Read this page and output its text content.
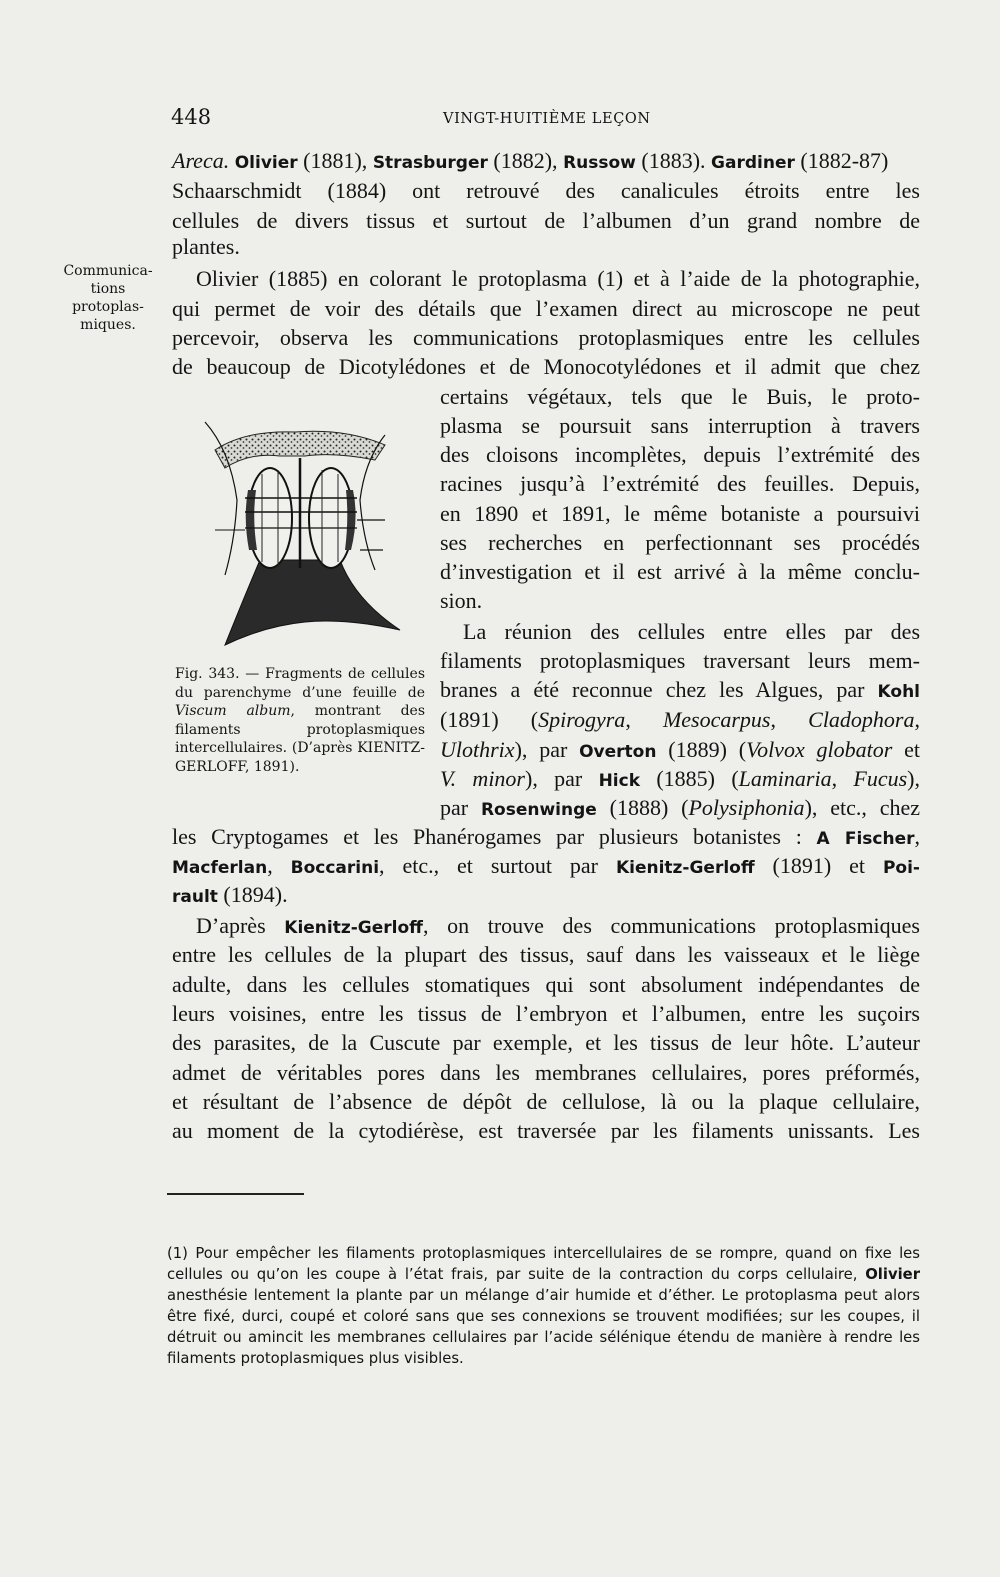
448	VINGT-HUITIÈME LEÇON
Communica-
tions
protoplas-
miques.
Areca. Olivier (1881), Strasburger (1882), Russow (1883). Gardiner (1882-87)
Schaarschmidt (1884) ont retrouvé des canalicules étroits entre les
cellules de divers tissus et surtout de l’albumen d’un grand nombre de
plantes.
Olivier (1885) en colorant le protoplasma (1) et à l’aide de la photographie,
qui permet de voir des détails que l’examen direct au microscope ne peut
percevoir, observa les communications protoplasmiques entre les cellules
de beaucoup de Dicotylédones et de Monocotylédones et il admit que chez
certains végétaux, tels que le Buis, le proto-
plasma se poursuit sans interruption à travers
des cloisons incomplètes, depuis l’extrémité des
racines jusqu’à l’extrémité des feuilles. Depuis,
en 1890 et 1891, le même botaniste a poursuivi
ses recherches en perfectionnant ses procédés
d’investigation et il est arrivé à la même conclu-
sion.
La réunion des cellules entre elles par des
filaments protoplasmiques traversant leurs mem-
branes a été reconnue chez les Algues, par Kohl
(1891) (Spirogyra, Mesocarpus, Cladophora,
Ulothrix), par Overton (1889) (Volvox globator et
V. minor), par Hick (1885) (Laminaria, Fucus),
par Rosenwinge (1888) (Polysiphonia), etc., chez
les Cryptogames et les Phanérogames par plusieurs botanistes : A Fischer,
Macferlan, Boccarini, etc., et surtout par Kienitz-Gerloff (1891) et Poi-
rault (1894).
D’après Kienitz-Gerloff, on trouve des communications protoplasmiques
entre les cellules de la plupart des tissus, sauf dans les vaisseaux et le liège
adulte, dans les cellules stomatiques qui sont absolument indépendantes de
leurs voisines, entre les tissus de l’embryon et l’albumen, entre les suçoirs
des parasites, de la Cuscute par exemple, et les tissus de leur hôte. L’auteur
admet de véritables pores dans les membranes cellulaires, pores préformés,
et résultant de l’absence de dépôt de cellulose, là ou la plaque cellulaire,
au moment de la cytodiérèse, est traversée par les filaments unissants. Les
Fig. 343. — Fragments de cellules du parenchyme d’une feuille de Viscum album, montrant des filaments protoplasmiques intercellulaires. (D’après KIENITZ-GERLOFF, 1891).
(1) Pour empêcher les filaments protoplasmiques intercellulaires de se rompre, quand on fixe les cellules ou qu’on les coupe à l’état frais, par suite de la contraction du corps cellulaire, Olivier anesthésie lentement la plante par un mélange d’air humide et d’éther. Le protoplasma peut alors être fixé, durci, coupé et coloré sans que ses connexions se trouvent modifiées; sur les coupes, il détruit ou amincit les membranes cellulaires par l’acide sélénique étendu de manière à rendre les filaments protoplasmiques plus visibles.
